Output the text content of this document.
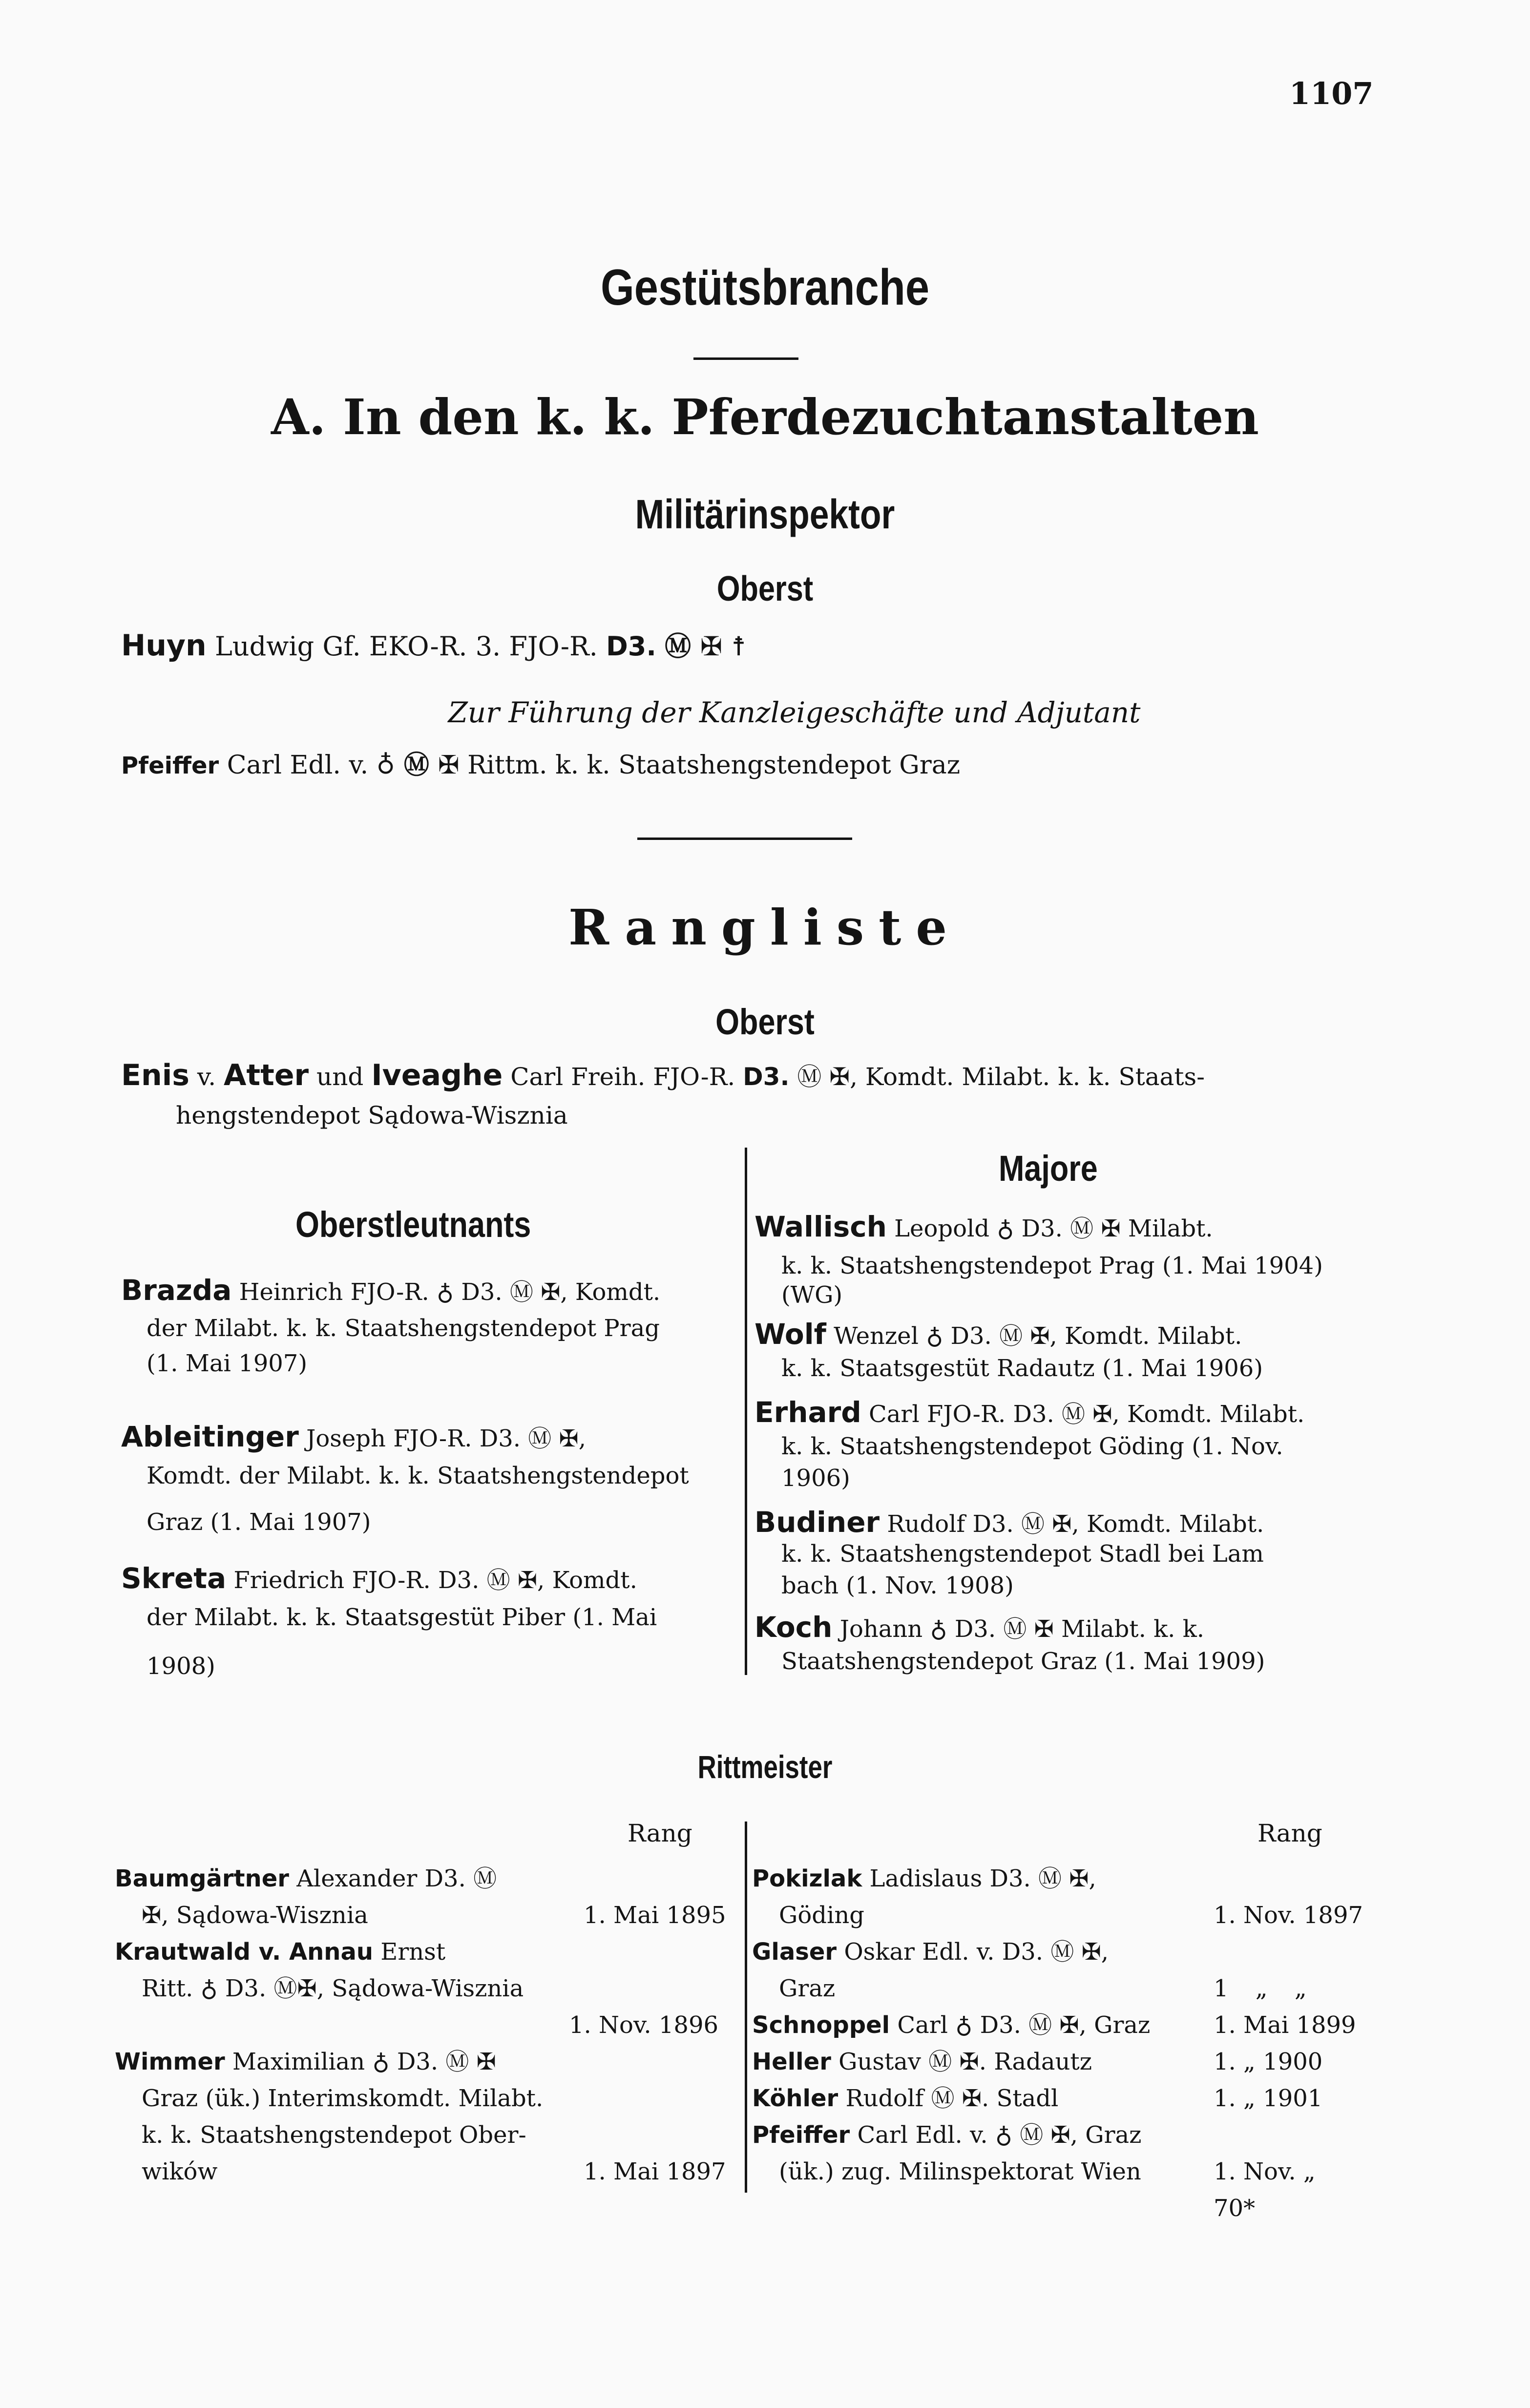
1107
Gestütsbranche
A. In den k. k. Pferdezuchtanstalten
Militärinspektor
Oberst
Huyn Ludwig Gf. EKO-R. 3. FJO-R. D3. Ⓜ ✠ ☨
Zur Führung der Kanzleigeschäfte und Adjutant
Pfeiffer Carl Edl. v. ♁ Ⓜ ✠ Rittm. k. k. Staatshengstendepot Graz
Rangliste
Oberst
Enis v. Atter und Iveaghe Carl Freih. FJO-R. D3. Ⓜ ✠, Komdt. Milabt. k. k. Staats-
hengstendepot Sądowa-Wisznia
Oberstleutnants
Brazda Heinrich FJO-R. ♁ D3. Ⓜ ✠, Komdt.
der Milabt. k. k. Staatshengstendepot Prag
(1. Mai 1907)
Ableitinger Joseph FJO-R. D3. Ⓜ ✠,
Komdt. der Milabt. k. k. Staatshengstendepot
Graz (1. Mai 1907)
Skreta Friedrich FJO-R. D3. Ⓜ ✠, Komdt.
der Milabt. k. k. Staatsgestüt Piber (1. Mai
1908)
Majore
Wallisch Leopold ♁ D3. Ⓜ ✠ Milabt.
k. k. Staatshengstendepot Prag (1. Mai 1904)
(WG)
Wolf Wenzel ♁ D3. Ⓜ ✠, Komdt. Milabt.
k. k. Staatsgestüt Radautz (1. Mai 1906)
Erhard Carl FJO-R. D3. Ⓜ ✠, Komdt. Milabt.
k. k. Staatshengstendepot Göding (1. Nov.
1906)
Budiner Rudolf D3. Ⓜ ✠, Komdt. Milabt.
k. k. Staatshengstendepot Stadl bei Lam
bach (1. Nov. 1908)
Koch Johann ♁ D3. Ⓜ ✠ Milabt. k. k.
Staatshengstendepot Graz (1. Mai 1909)
Rittmeister
Rang	Rang
Baumgärtner Alexander D3. Ⓜ
✠, Sądowa-Wisznia	1. Mai 1895
Krautwald v. Annau Ernst
Ritt. ♁ D3. Ⓜ✠, Sądowa-Wisznia
1. Nov. 1896
Wimmer Maximilian ♁ D3. Ⓜ ✠
Graz (ük.) Interimskomdt. Milabt.
k. k. Staatshengstendepot Ober-
wików	1. Mai 1897
Pokizlak Ladislaus D3. Ⓜ ✠,
Göding	1. Nov. 1897
Glaser Oskar Edl. v. D3. Ⓜ ✠,
Graz	1 „ „
Schnoppel Carl ♁ D3. Ⓜ ✠, Graz	1. Mai 1899
Heller Gustav Ⓜ ✠. Radautz	1. „ 1900
Köhler Rudolf Ⓜ ✠. Stadl	1. „ 1901
Pfeiffer Carl Edl. v. ♁ Ⓜ ✠, Graz
(ük.) zug. Milinspektorat Wien	1. Nov. „
70*
